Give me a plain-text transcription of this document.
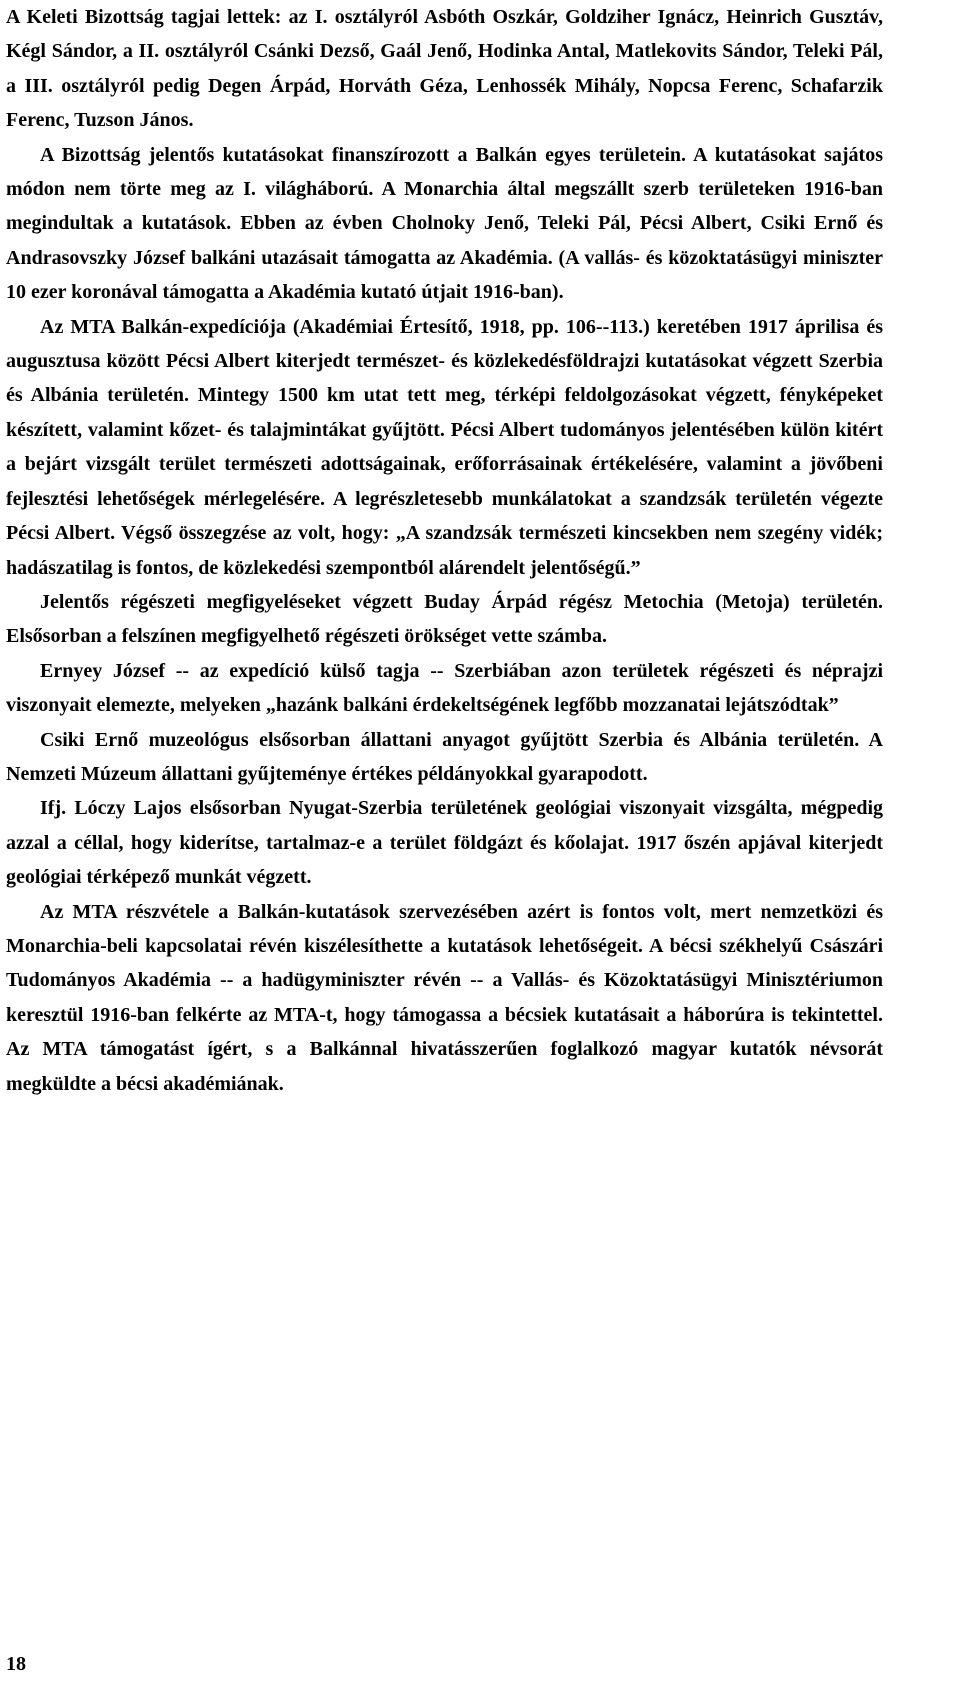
A Keleti Bizottság tagjai lettek: az I. osztályról Asbóth Oszkár, Goldziher Ignácz, Heinrich Gusztáv, Kégl Sándor, a II. osztályról Csánki Dezső, Gaál Jenő, Hodinka Antal, Matlekovits Sándor, Teleki Pál, a III. osztályról pedig Degen Árpád, Horváth Géza, Lenhossék Mihály, Nopcsa Ferenc, Schafarzik Ferenc, Tuzson János.

A Bizottság jelentős kutatásokat finanszírozott a Balkán egyes területein. A kutatásokat sajátos módon nem törte meg az I. világháború. A Monarchia által megszállt szerb területeken 1916-ban megindultak a kutatások. Ebben az évben Cholnoky Jenő, Teleki Pál, Pécsi Albert, Csiki Ernő és Andrasovszky József balkáni utazásait támogatta az Akadémia. (A vallás- és közoktatásügyi miniszter 10 ezer koronával támogatta a Akadémia kutató útjait 1916-ban).

Az MTA Balkán-expedíciója (Akadémiai Értesítő, 1918, pp. 106--113.) keretében 1917 áprilisa és augusztusa között Pécsi Albert kiterjedt természet- és közlekedésföldrajzi kutatásokat végzett Szerbia és Albánia területén. Mintegy 1500 km utat tett meg, térképi feldolgozásokat végzett, fényképeket készített, valamint kőzet- és talajmintákat gyűjtött. Pécsi Albert tudományos jelentésében külön kitért a bejárt vizsgált terület természeti adottságainak, erőforrásainak értékelésére, valamint a jövőbeni fejlesztési lehetőségek mérlegelésére. A legrészletesebb munkálatokat a szandzsák területén végezte Pécsi Albert. Végső összegzése az volt, hogy: „A szandzsák természeti kincsekben nem szegény vidék; hadászatilag is fontos, de közlekedési szempontból alárendelt jelentőségű.”

Jelentős régészeti megfigyeléseket végzett Buday Árpád régész Metochia (Metoja) területén. Elsősorban a felszínen megfigyelhető régészeti örökséget vette számba.

Ernyey József -- az expedíció külső tagja -- Szerbiában azon területek régészeti és néprajzi viszonyait elemezte, melyeken „hazánk balkáni érdekeltségének legfőbb mozzanatai lejátszódtak”

Csiki Ernő muzeológus elsősorban állattani anyagot gyűjtött Szerbia és Albánia területén. A Nemzeti Múzeum állattani gyűjteménye értékes példányokkal gyarapodott.

Ifj. Lóczy Lajos elsősorban Nyugat-Szerbia területének geológiai viszonyait vizsgálta, mégpedig azzal a céllal, hogy kiderítse, tartalmaz-e a terület földgázt és kőolajat. 1917 őszén apjával kiterjedt geológiai térképező munkát végzett.

Az MTA részvétele a Balkán-kutatások szervezésében azért is fontos volt, mert nemzetközi és Monarchia-beli kapcsolatai révén kiszélesíthette a kutatások lehetőségeit. A bécsi székhelyű Császári Tudományos Akadémia -- a hadügyminiszter révén -- a Vallás- és Közoktatásügyi Minisztériumon keresztül 1916-ban felkérte az MTA-t, hogy támogassa a bécsiek kutatásait a háborúra is tekintettel. Az MTA támogatást ígért, s a Balkánnal hivatásszerűen foglalkozó magyar kutatók névsorát megküldte a bécsi akadémiának.

18
